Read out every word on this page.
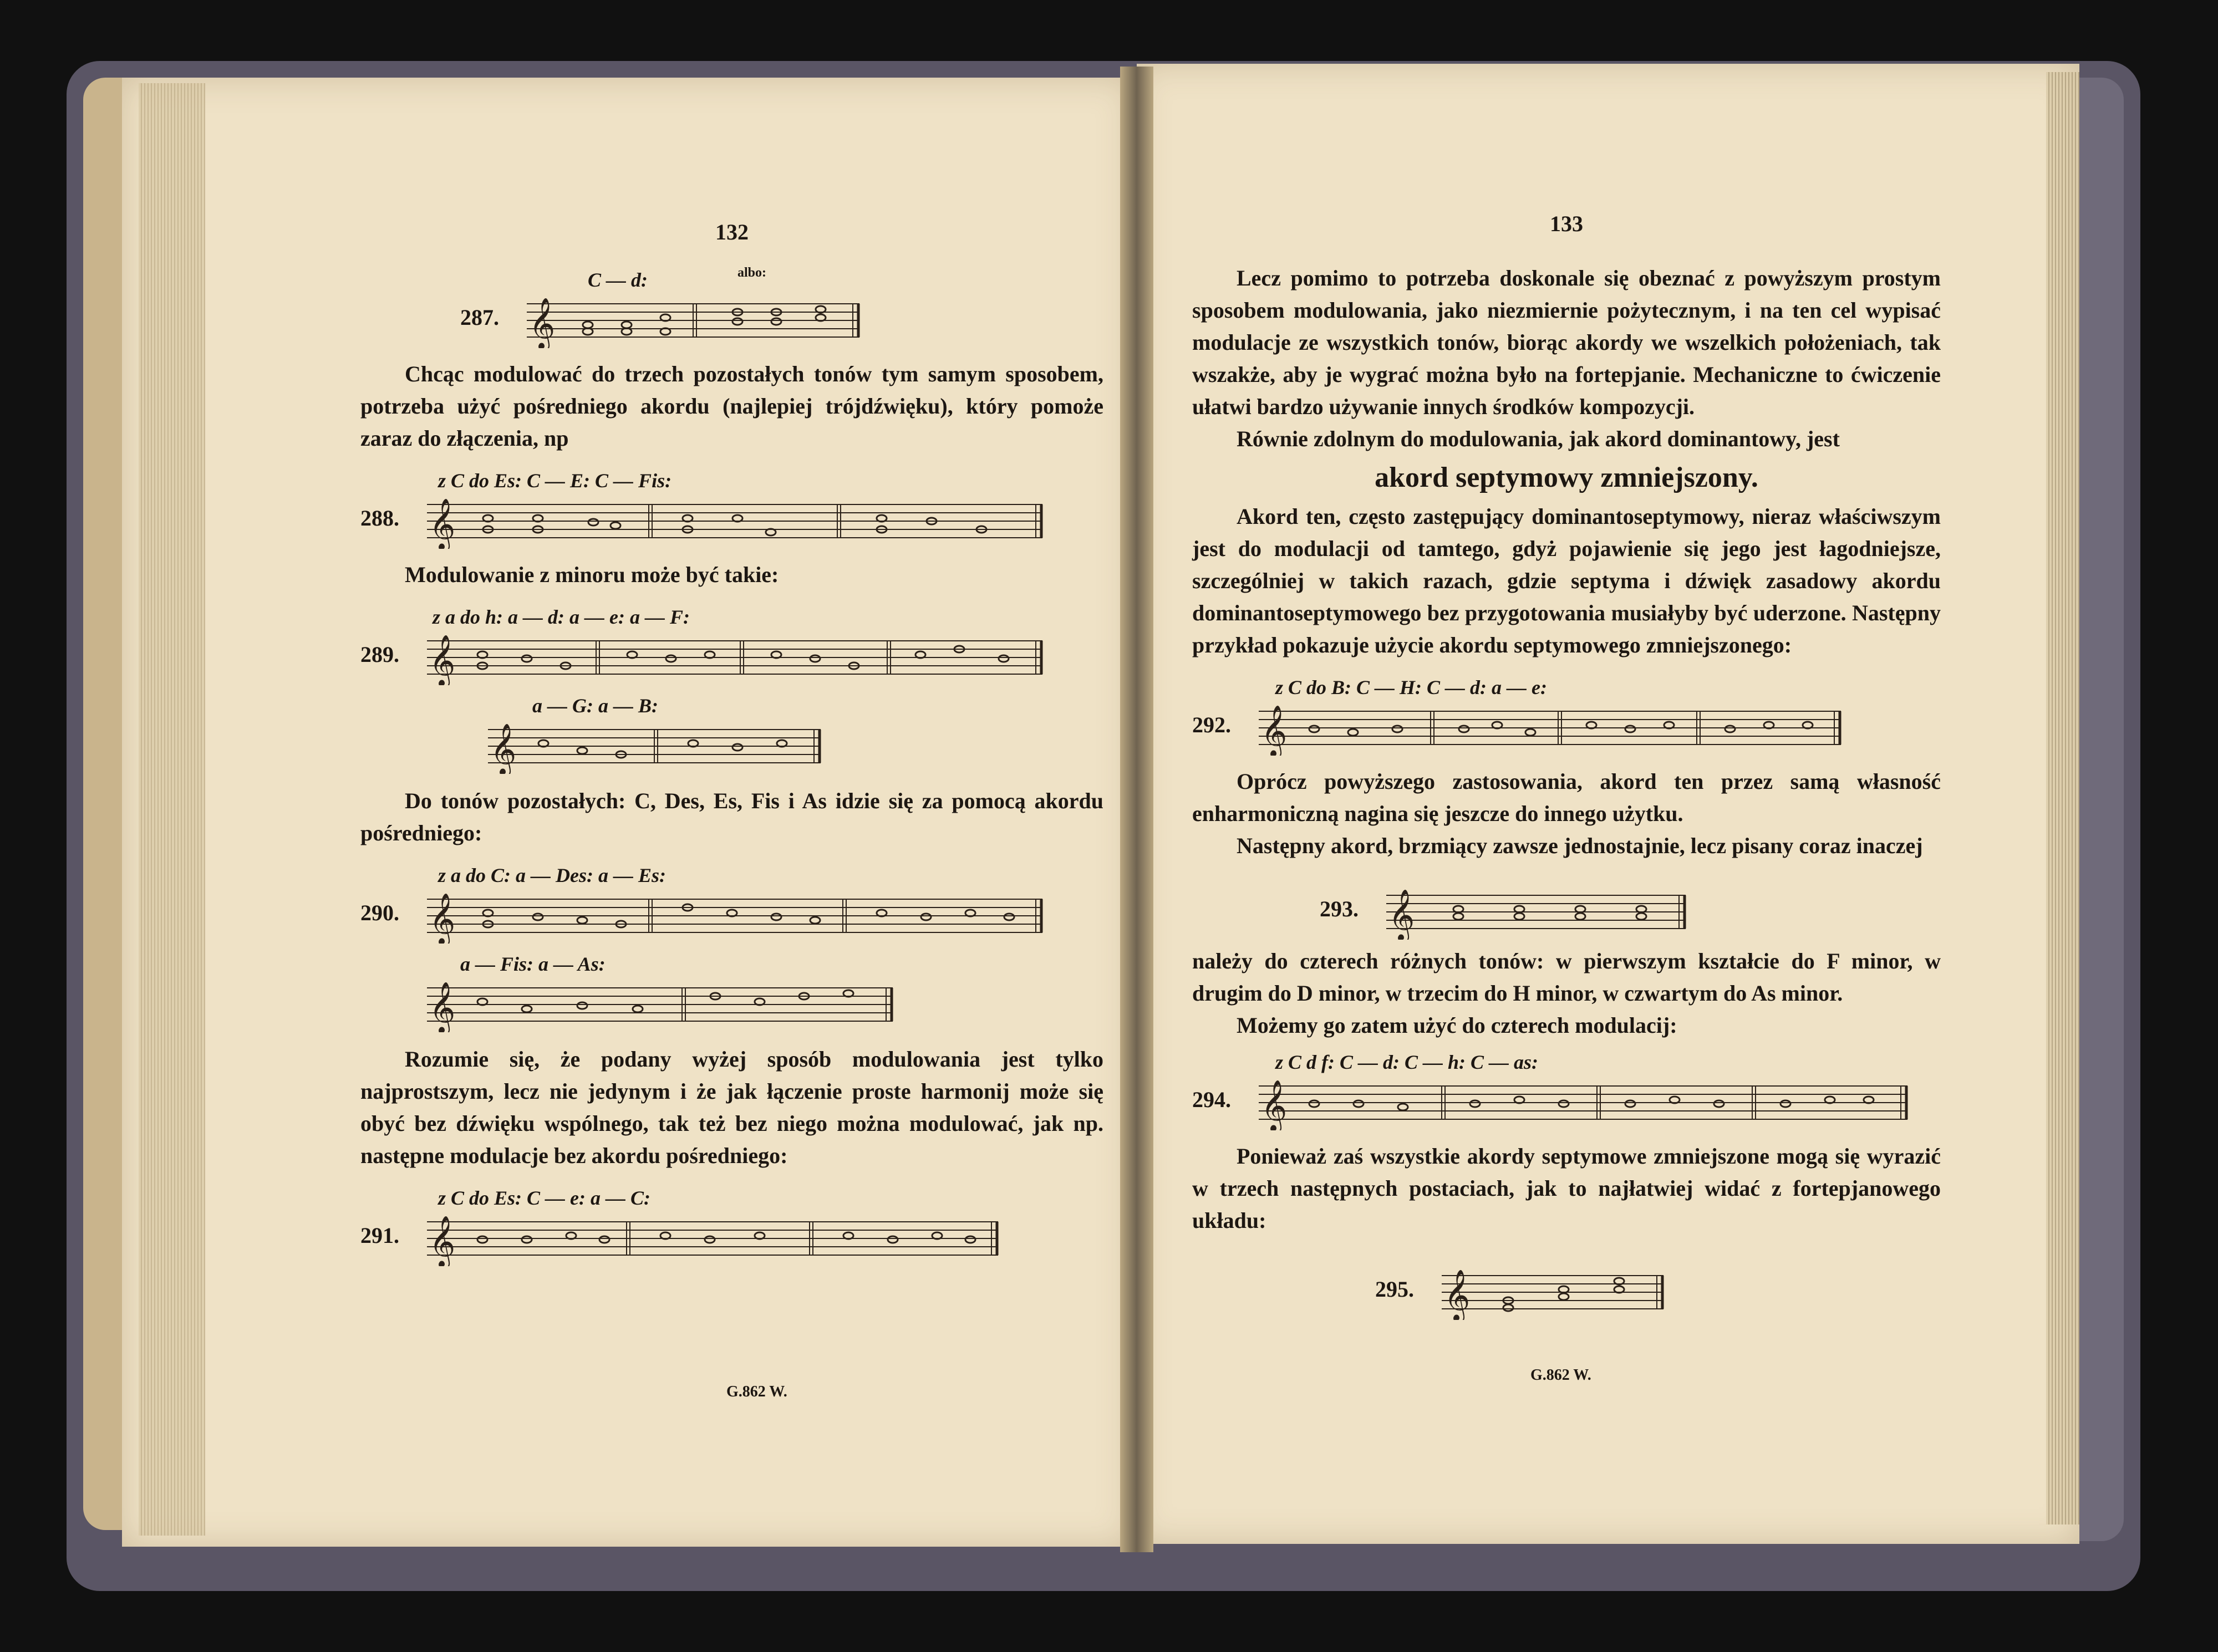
132
C — d:	albo:
287. 𝄞

Chcąc modulować do trzech pozostałych tonów tym samym sposobem, potrzeba użyć pośredniego akordu (najlepiej trójdźwięku), który pomoże zaraz do złączenia, np

z C do Es: C — E: C — Fis:
288. 𝄞

Modulowanie z minoru może być takie:

z a do h: a — d: a — e: a — F:
289. 𝄞
a — G: a — B:
𝄞

Do tonów pozostałych: C, Des, Es, Fis i As idzie się za pomocą akordu pośredniego:

z a do C: a — Des: a — Es:
290. 𝄞
a — Fis: a — As:
𝄞

Rozumie się, że podany wyżej sposób modulowania jest tylko najprostszym, lecz nie jedynym i że jak łączenie proste harmonij może się obyć bez dźwięku wspólnego, tak też bez niego można modulować, jak np. następne modulacje bez akordu pośredniego:

z C do Es: C — e: a — C:
291. 𝄞
G.862 W.
133

Lecz pomimo to potrzeba doskonale się obeznać z powyższym prostym sposobem modulowania, jako niezmiernie pożytecznym, i na ten cel wypisać modulacje ze wszystkich tonów, biorąc akordy we wszelkich położeniach, tak wszakże, aby je wygrać można było na fortepjanie. Mechaniczne to ćwiczenie ułatwi bardzo używanie innych środków kompozycji.

Równie zdolnym do modulowania, jak akord dominantowy, jest

akord septymowy zmniejszony.

Akord ten, często zastępujący dominantoseptymowy, nieraz właściwszym jest do modulacji od tamtego, gdyż pojawienie się jego jest łagodniejsze, szczególniej w takich razach, gdzie septyma i dźwięk zasadowy akordu dominantoseptymowego bez przygotowania musiałyby być uderzone. Następny przykład pokazuje użycie akordu septymowego zmniejszonego:

z C do B: C — H: C — d: a — e:
292. 𝄞

Oprócz powyższego zastosowania, akord ten przez samą własność enharmoniczną nagina się jeszcze do innego użytku.

Następny akord, brzmiący zawsze jednostajnie, lecz pisany coraz inaczej

293. 𝄞

należy do czterech różnych tonów: w pierwszym kształcie do F minor, w drugim do D minor, w trzecim do H minor, w czwartym do As minor.

Możemy go zatem użyć do czterech modulacij:

z C d f: C — d: C — h: C — as:
294. 𝄞

Ponieważ zaś wszystkie akordy septymowe zmniejszone mogą się wyrazić w trzech następnych postaciach, jak to najłatwiej widać z fortepjanowego układu:

295. 𝄞
G.862 W.
